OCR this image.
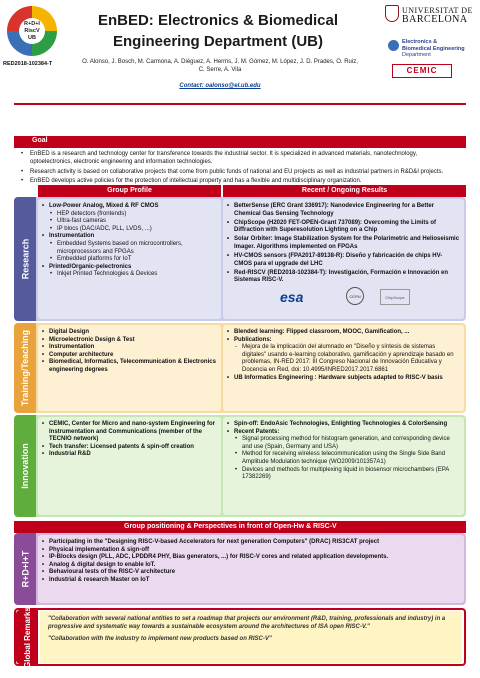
R+D+I
RiscV
UB
RESEARCH
RED2018-102384-T
EnBED: Electronics & Biomedical
Engineering Department (UB)
O. Alonso, J. Bosch, M. Carmona, A. Diéguez, A. Herms, J. M. Gómez, M. López, J. D. Prades, O. Ruiz, C. Serre, A. Vila
Contact: oalonso@el.ub.edu
UNIVERSITAT DE
BARCELONA
Electronics &
Biomedical Engineering
Department
CEMIC
Goal
• EnBED is a research and technology center for transference towards the industrial sector. It is specialized in advanced materials, nanotechnology, optoelectronics, electronic engineering and information technologies.
• Research activity is based on collaborative projects that come from public funds of national and EU projects as well as industrial partners in R&D&I projects.
• EnBED develops active policies for the protection of intellectual property and has a flexible and multidisciplinary organization.
Group Profile	Recent / Ongoing Results
Research
• Low-Power Analog, Mixed & RF CMOS
• HEP detectors (frontends)
• Ultra-fast cameras
• IP blocs (DAC/ADC, PLL, LVDS, ...)
• Instrumentation
• Embedded Systems based on microcontrollers, microprocessors and FPGAs
• Embedded platforms for IoT
• Printed/Organic-pelectronics
• Inkjet Printed Technologies & Devices
• BetterSense (ERC Grant 336917): Nanodevice Engineering for a Better Chemical Gas Sensing Technology
• ChipScope (H2020 FET-OPEN-Grant 737089): Overcoming the Limits of Diffraction with Superesolution Lighting on a Chip
• Solar Orbiter: Image Stabilization System for the Polarimetric and Helioseismic Imager. Algorithms implemented on FPGAs
• HV-CMOS sensors (FPA2017-89138-R): Diseño y fabricación de chips HV-CMOS para el upgrade del LHC
• Red-RISCV (RED2018-102384-T): Investigación, Formación e Innovación en Sistemas RISC-V.
esa	CERN	ChipScope
Training/Teaching
•	Digital Design
• Microelectronic Design & Test
• Instrumentation
• Computer architecture
• Biomedical, Informatics, Telecommunication & Electronics engineering degrees
• Blended learning: Flipped classroom, MOOC, Gamification, ...
• Publications:
- Mejora de la implicación del alumnado en "Diseño y síntesis de sistemas digitales" usando e-learning colaborativo, gamificación y aprendizaje basado en problemas, IN-RED 2017: III Congreso Nacional de Innovación Educativa y Docencia en Red, doi: 10.4995/INRED2017.2017.6861
• UB Informatics Engineering : Hardware subjects adapted to RISC-V basis
Innovation
• CEMIC, Center for Micro and nano-system Engineering for Instrumentation and Communications (member of the TECNIO network)
• Tech transfer: Licensed patents & spin-off creation
• Industrial R&D
• Spin-off: EndoAsic Technologies, Enlighting Technologies & ColorSensing
• Recent Patents:
• Signal processing method for histogram generation, and corresponding device and use (Spain, Germany and USA)
• Method for receiving wireless telecommunication using the Single Side Band Amplitude Modulation technique (WO2009/101357A1)
• Devices and methods for multiplexing liquid in biosensor microchambers (EPA 17382269)
Group positioning & Perspectives in front of Open-Hw & RISC-V
R+D+I+T
• Participating in the "Designing RISC-V-based Accelerators for next generation Computers" (DRAC) RIS3CAT project
• Physical implementation & sign-off
• IP-Blocks design (PLL, ADC, LPDDR4 PHY, Bias generators, ...) for RISC-V cores and related application developments.
• Analog & digital design to enable IoT.
• Behavioural tests of the RISC-V architecture
• Industrial & research Master on IoT
Global Remarks	"Collaboration with several national entities to set a roadmap that projects our environment (R&D, training, professionals and industry) in a progressive and systematic way towards a sustainable ecosystem around the architectures of ISA open RISC-V."

"Collaboration with the industry to implement new products based on RISC-V"
